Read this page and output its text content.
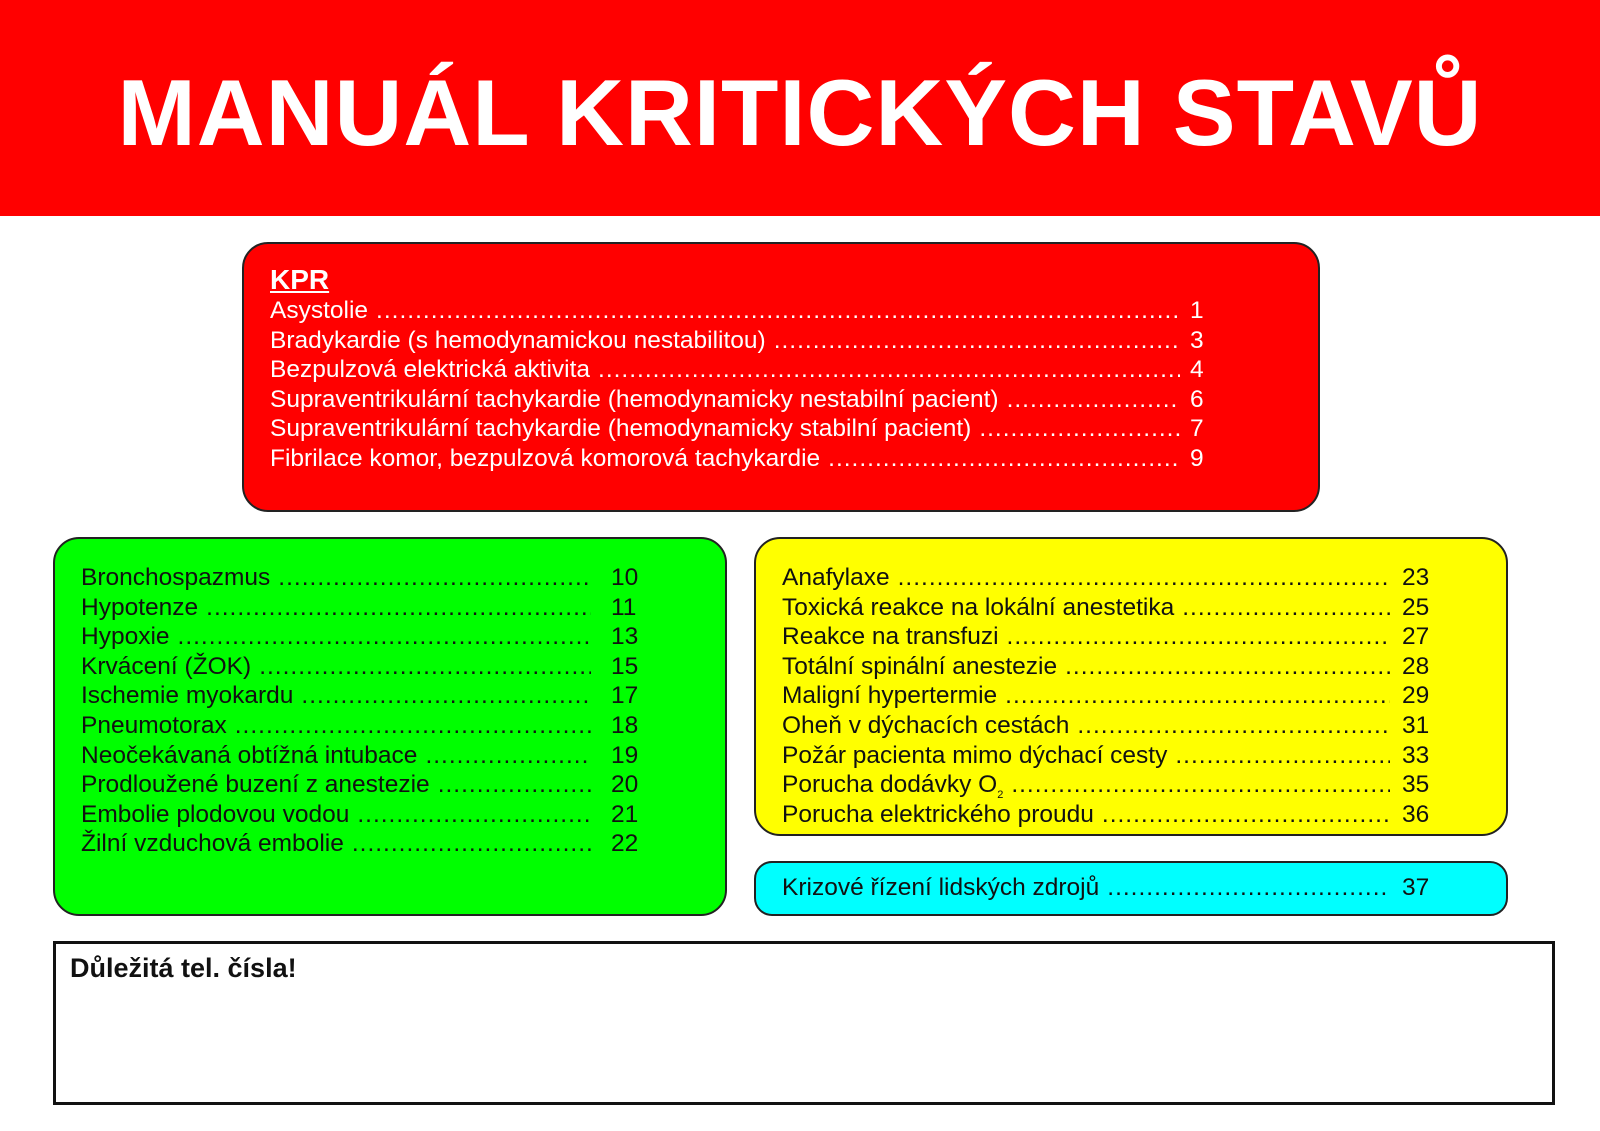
MANUÁL KRITICKÝCH STAVŮ
KPR
Asystolie .....	1
Bradykardie (s hemodynamickou nestabilitou) .....	3
Bezpulzová elektrická aktivita .....	4
Supraventrikulární tachykardie (hemodynamicky nestabilní pacient) .....	6
Supraventrikulární tachykardie (hemodynamicky stabilní pacient) .....	7
Fibrilace komor, bezpulzová komorová tachykardie .....	9
Bronchospazmus .....	10
Hypotenze .....	11
Hypoxie .....	13
Krvácení (ŽOK) .....	15
Ischemie myokardu .....	17
Pneumotorax .....	18
Neočekávaná obtížná intubace .....	19
Prodloužené buzení z anestezie .....	20
Embolie plodovou vodou .....	21
Žilní vzduchová embolie .....	22
Anafylaxe .....	23
Toxická reakce na lokální anestetika .....	25
Reakce na transfuzi .....	27
Totální spinální anestezie .....	28
Maligní hypertermie .....	29
Oheň v dýchacích cestách .....	31
Požár pacienta mimo dýchací cesty .....	33
Porucha dodávky $O_2$ .....	35
Porucha elektrického proudu .....	36
Krizové řízení lidských zdrojů .....	37
Důležitá tel. čísla!
